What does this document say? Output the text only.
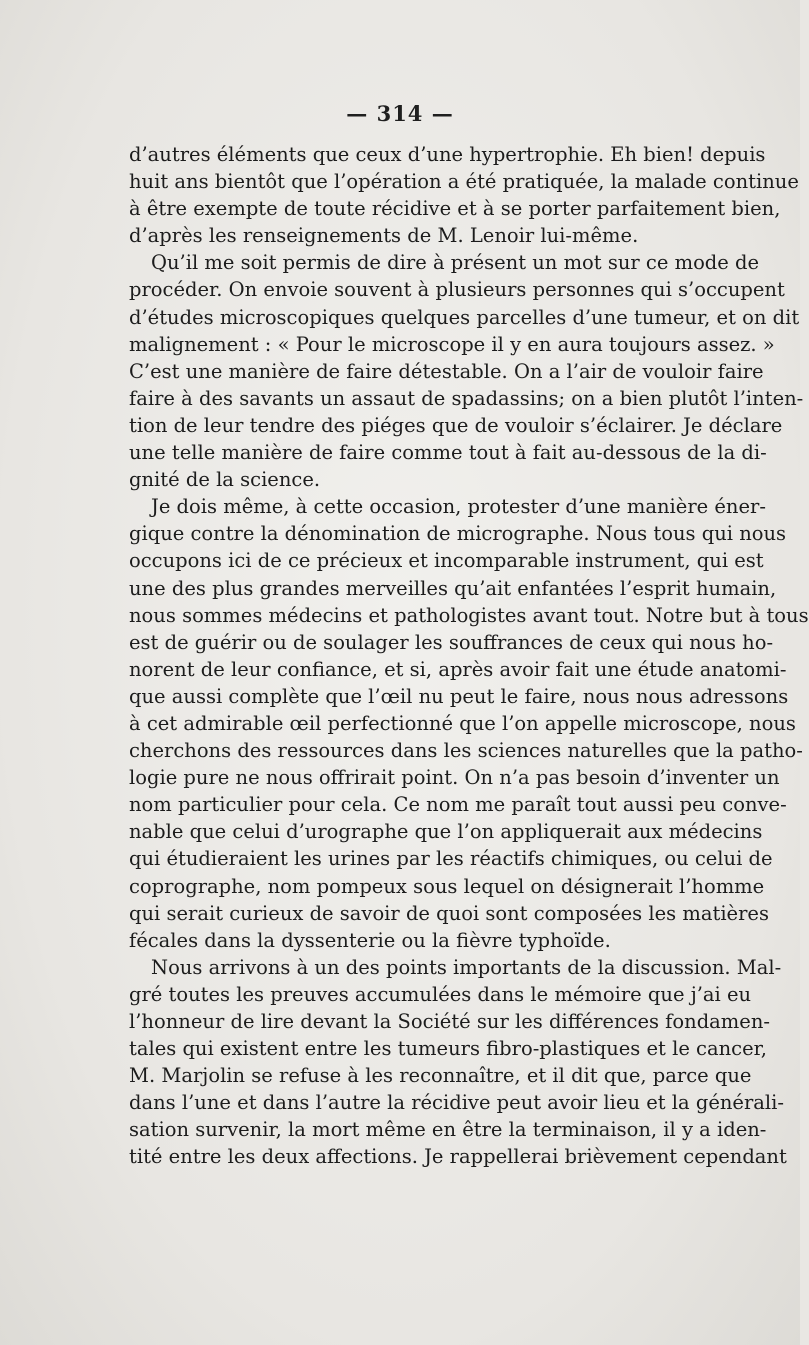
— 314 —
d’autres éléments que ceux d’une hypertrophie. Eh bien! depuis
huit ans bientôt que l’opération a été pratiquée, la malade continue
à être exempte de toute récidive et à se porter parfaitement bien,
d’après les renseignements de M. Lenoir lui-même.
Qu’il me soit permis de dire à présent un mot sur ce mode de
procéder. On envoie souvent à plusieurs personnes qui s’occupent
d’études microscopiques quelques parcelles d’une tumeur, et on dit
malignement : « Pour le microscope il y en aura toujours assez. »
C’est une manière de faire détestable. On a l’air de vouloir faire
faire à des savants un assaut de spadassins; on a bien plutôt l’inten-
tion de leur tendre des piéges que de vouloir s’éclairer. Je déclare
une telle manière de faire comme tout à fait au-dessous de la di-
gnité de la science.
Je dois même, à cette occasion, protester d’une manière éner-
gique contre la dénomination de micrographe. Nous tous qui nous
occupons ici de ce précieux et incomparable instrument, qui est
une des plus grandes merveilles qu’ait enfantées l’esprit humain,
nous sommes médecins et pathologistes avant tout. Notre but à tous
est de guérir ou de soulager les souffrances de ceux qui nous ho-
norent de leur confiance, et si, après avoir fait une étude anatomi-
que aussi complète que l’œil nu peut le faire, nous nous adressons
à cet admirable œil perfectionné que l’on appelle microscope, nous
cherchons des ressources dans les sciences naturelles que la patho-
logie pure ne nous offrirait point. On n’a pas besoin d’inventer un
nom particulier pour cela. Ce nom me paraît tout aussi peu conve-
nable que celui d’urographe que l’on appliquerait aux médecins
qui étudieraient les urines par les réactifs chimiques, ou celui de
coprographe, nom pompeux sous lequel on désignerait l’homme
qui serait curieux de savoir de quoi sont composées les matières
fécales dans la dyssenterie ou la fièvre typhoïde.
Nous arrivons à un des points importants de la discussion. Mal-
gré toutes les preuves accumulées dans le mémoire que j’ai eu
l’honneur de lire devant la Société sur les différences fondamen-
tales qui existent entre les tumeurs fibro-plastiques et le cancer,
M. Marjolin se refuse à les reconnaître, et il dit que, parce que
dans l’une et dans l’autre la récidive peut avoir lieu et la générali-
sation survenir, la mort même en être la terminaison, il y a iden-
tité entre les deux affections. Je rappellerai brièvement cependant
